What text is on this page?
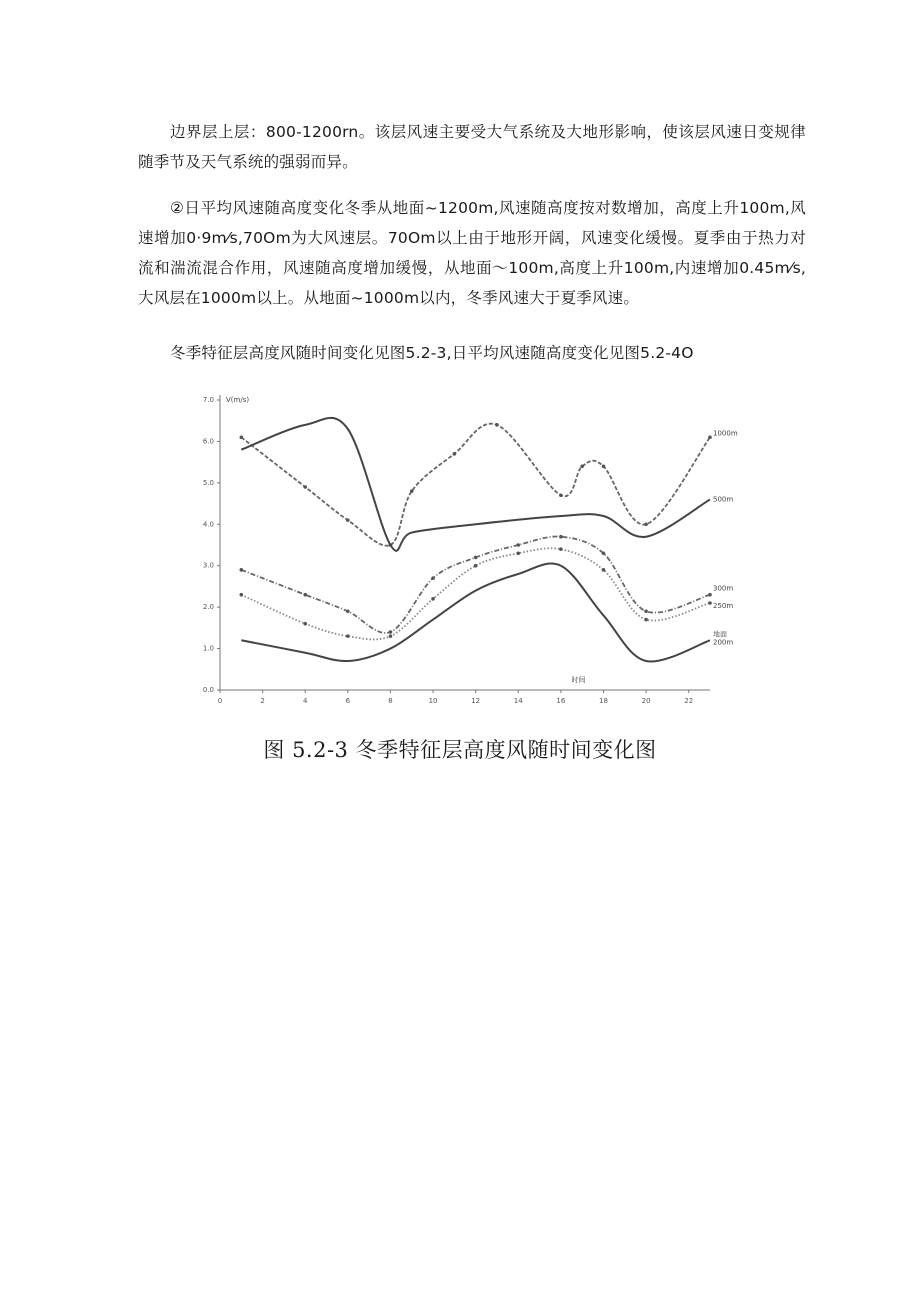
边界层上层：800-1200rn。该层风速主要受大气系统及大地形影响，使该层风速日变规律随季节及天气系统的强弱而异。

②日平均风速随高度变化冬季从地面~1200m,风速随高度按对数增加，高度上升100m,风速增加0·9m⁄s,70Om为大风速层。70Om以上由于地形开阔，风速变化缓慢。夏季由于热力对流和湍流混合作用，风速随高度增加缓慢，从地面～100m,高度上升100m,内速增加0.45m⁄s,大风层在1000m以上。从地面~1000m以内，冬季风速大于夏季风速。

冬季特征层高度风随时间变化见图5.2-3,日平均风速随高度变化见图5.2-4O

0.0
1.0
2.0
3.0
4.0
5.0
6.0
7.0
0	2	4	6	8	10	12	14	16	18	20	22
V(m/s)
时间
1000m
500m
300m
250m
地面
200m
图 5.2-3 冬季特征层高度风随时间变化图
